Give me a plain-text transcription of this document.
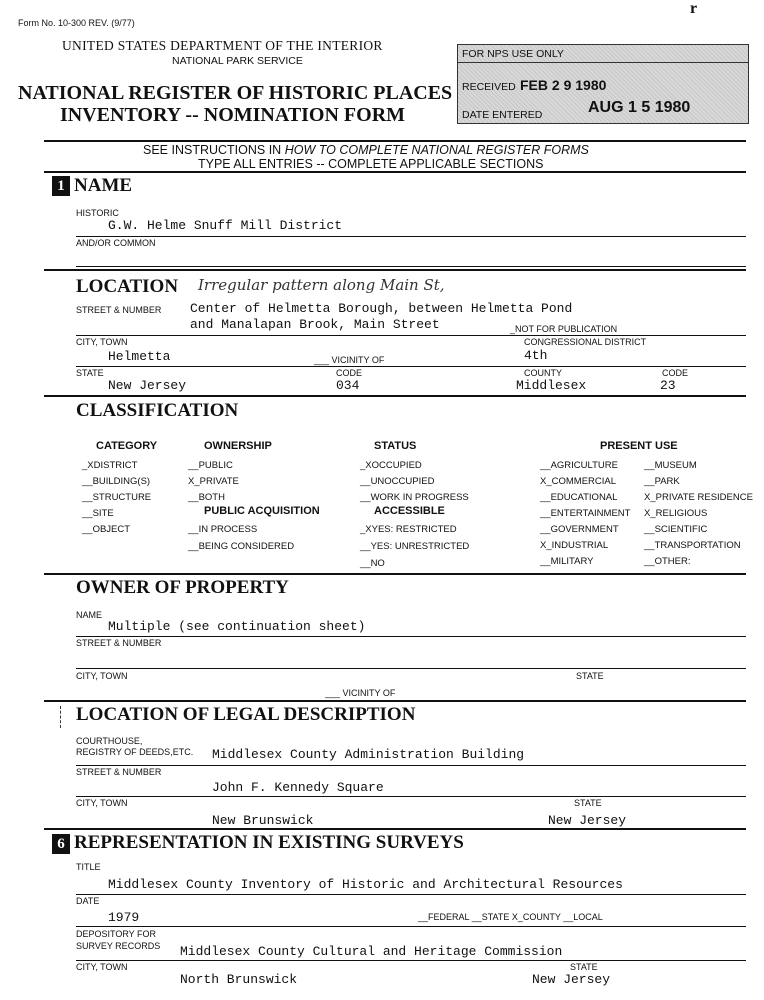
Form No. 10-300 REV. (9/77)
r
UNITED STATES DEPARTMENT OF THE INTERIOR
NATIONAL PARK SERVICE
NATIONAL REGISTER OF HISTORIC PLACES
INVENTORY -- NOMINATION FORM
FOR NPS USE ONLY
RECEIVED FEB 2 9 1980
DATE ENTERED	AUG 1 5 1980
SEE INSTRUCTIONS IN HOW TO COMPLETE NATIONAL REGISTER FORMS
TYPE ALL ENTRIES -- COMPLETE APPLICABLE SECTIONS
1 NAME
HISTORIC
G.W. Helme Snuff Mill District
AND/OR COMMON
LOCATION Irregular pattern along Main St,
STREET & NUMBER Center of Helmetta Borough, between Helmetta Pond
and Manalapan Brook, Main Street	_NOT FOR PUBLICATION
CITY, TOWN
Helmetta	___ VICINITY OF
CONGRESSIONAL DISTRICT
4th
STATE
New Jersey
CODE
034
COUNTY
Middlesex
CODE
23
CLASSIFICATION
CATEGORY
_XDISTRICT
__BUILDING(S)
__STRUCTURE
__SITE
__OBJECT
OWNERSHIP
__PUBLIC
X_PRIVATE
__BOTH
PUBLIC ACQUISITION
__IN PROCESS
__BEING CONSIDERED
STATUS
_XOCCUPIED
__UNOCCUPIED
__WORK IN PROGRESS
ACCESSIBLE
_XYES: RESTRICTED
__YES: UNRESTRICTED
__NO
PRESENT USE
__AGRICULTURE
X_COMMERCIAL
__EDUCATIONAL
__ENTERTAINMENT
__GOVERNMENT
X_INDUSTRIAL
__MILITARY
__MUSEUM
__PARK
X_PRIVATE RESIDENCE
X_RELIGIOUS
__SCIENTIFIC
__TRANSPORTATION
__OTHER:
OWNER OF PROPERTY
NAME
Multiple (see continuation sheet)
STREET & NUMBER
CITY, TOWN
___ VICINITY OF
STATE
LOCATION OF LEGAL DESCRIPTION
COURTHOUSE,
REGISTRY OF DEEDS,ETC. Middlesex County Administration Building
STREET & NUMBER
John F. Kennedy Square
CITY, TOWN
New Brunswick
STATE
New Jersey
6 REPRESENTATION IN EXISTING SURVEYS
TITLE
Middlesex County Inventory of Historic and Architectural Resources
DATE
1979	__FEDERAL __STATE X_COUNTY __LOCAL
DEPOSITORY FOR
SURVEY RECORDS Middlesex County Cultural and Heritage Commission
CITY, TOWN
North Brunswick
STATE
New Jersey
